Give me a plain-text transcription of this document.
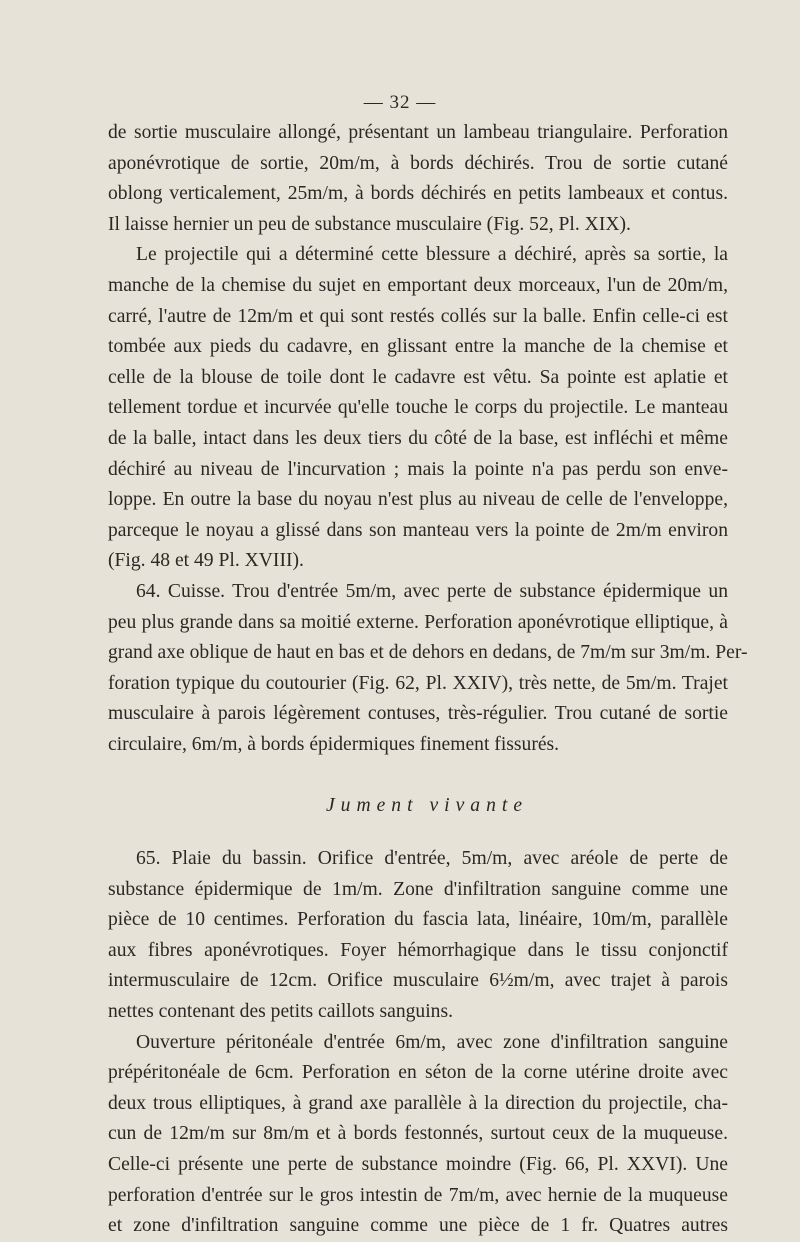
— 32 —
de sortie musculaire allongé, présentant un lambeau triangulaire. Perforation
aponévrotique de sortie, 20m/m, à bords déchirés. Trou de sortie cutané
oblong verticalement, 25m/m, à bords déchirés en petits lambeaux et contus.
Il laisse hernier un peu de substance musculaire (Fig. 52, Pl. XIX).
Le projectile qui a déterminé cette blessure a déchiré, après sa sortie, la
manche de la chemise du sujet en emportant deux morceaux, l'un de 20m/m,
carré, l'autre de 12m/m et qui sont restés collés sur la balle. Enfin celle-ci est
tombée aux pieds du cadavre, en glissant entre la manche de la chemise et
celle de la blouse de toile dont le cadavre est vêtu. Sa pointe est aplatie et
tellement tordue et incurvée qu'elle touche le corps du projectile. Le manteau
de la balle, intact dans les deux tiers du côté de la base, est infléchi et même
déchiré au niveau de l'incurvation ; mais la pointe n'a pas perdu son enve-
loppe. En outre la base du noyau n'est plus au niveau de celle de l'enveloppe,
parceque le noyau a glissé dans son manteau vers la pointe de 2m/m environ
(Fig. 48 et 49 Pl. XVIII).
64. Cuisse. Trou d'entrée 5m/m, avec perte de substance épidermique un
peu plus grande dans sa moitié externe. Perforation aponévrotique elliptique, à
grand axe oblique de haut en bas et de dehors en dedans, de 7m/m sur 3m/m. Per-
foration typique du coutourier (Fig. 62, Pl. XXIV), très nette, de 5m/m. Trajet
musculaire à parois légèrement contuses, très-régulier. Trou cutané de sortie
circulaire, 6m/m, à bords épidermiques finement fissurés.
Jument vivante
65. Plaie du bassin. Orifice d'entrée, 5m/m, avec aréole de perte de
substance épidermique de 1m/m. Zone d'infiltration sanguine comme une
pièce de 10 centimes. Perforation du fascia lata, linéaire, 10m/m, parallèle
aux fibres aponévrotiques. Foyer hémorrhagique dans le tissu conjonctif
intermusculaire de 12cm. Orifice musculaire 6½m/m, avec trajet à parois
nettes contenant des petits caillots sanguins.
Ouverture péritonéale d'entrée 6m/m, avec zone d'infiltration sanguine
prépéritonéale de 6cm. Perforation en séton de la corne utérine droite avec
deux trous elliptiques, à grand axe parallèle à la direction du projectile, cha-
cun de 12m/m sur 8m/m et à bords festonnés, surtout ceux de la muqueuse.
Celle-ci présente une perte de substance moindre (Fig. 66, Pl. XXVI). Une
perforation d'entrée sur le gros intestin de 7m/m, avec hernie de la muqueuse
et zone d'infiltration sanguine comme une pièce de 1 fr. Quatres autres
